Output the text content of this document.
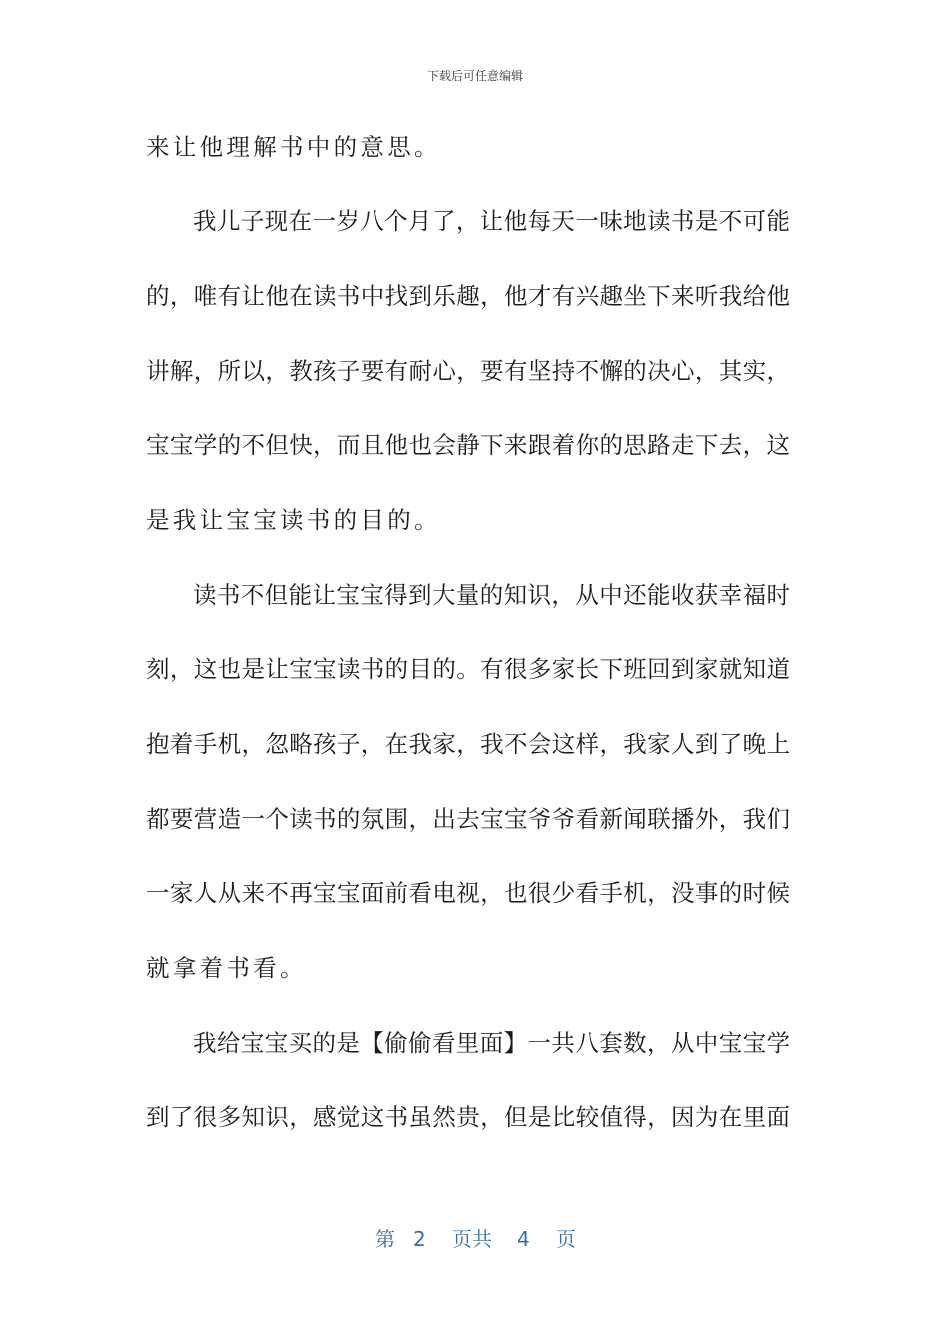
下载后可任意编辑
来让他理解书中的意思。
我儿子现在一岁八个月了，让他每天一味地读书是不可能
的，唯有让他在读书中找到乐趣，他才有兴趣坐下来听我给他
讲解，所以，教孩子要有耐心，要有坚持不懈的决心，其实，
宝宝学的不但快，而且他也会静下来跟着你的思路走下去，这
是我让宝宝读书的目的。
读书不但能让宝宝得到大量的知识，从中还能收获幸福时
刻，这也是让宝宝读书的目的。有很多家长下班回到家就知道
抱着手机，忽略孩子，在我家，我不会这样，我家人到了晚上
都要营造一个读书的氛围，出去宝宝爷爷看新闻联播外，我们
一家人从来不再宝宝面前看电视，也很少看手机，没事的时候
就拿着书看。
我给宝宝买的是【偷偷看里面】一共八套数，从中宝宝学
到了很多知识，感觉这书虽然贵，但是比较值得，因为在里面
第 2 页共 4 页
